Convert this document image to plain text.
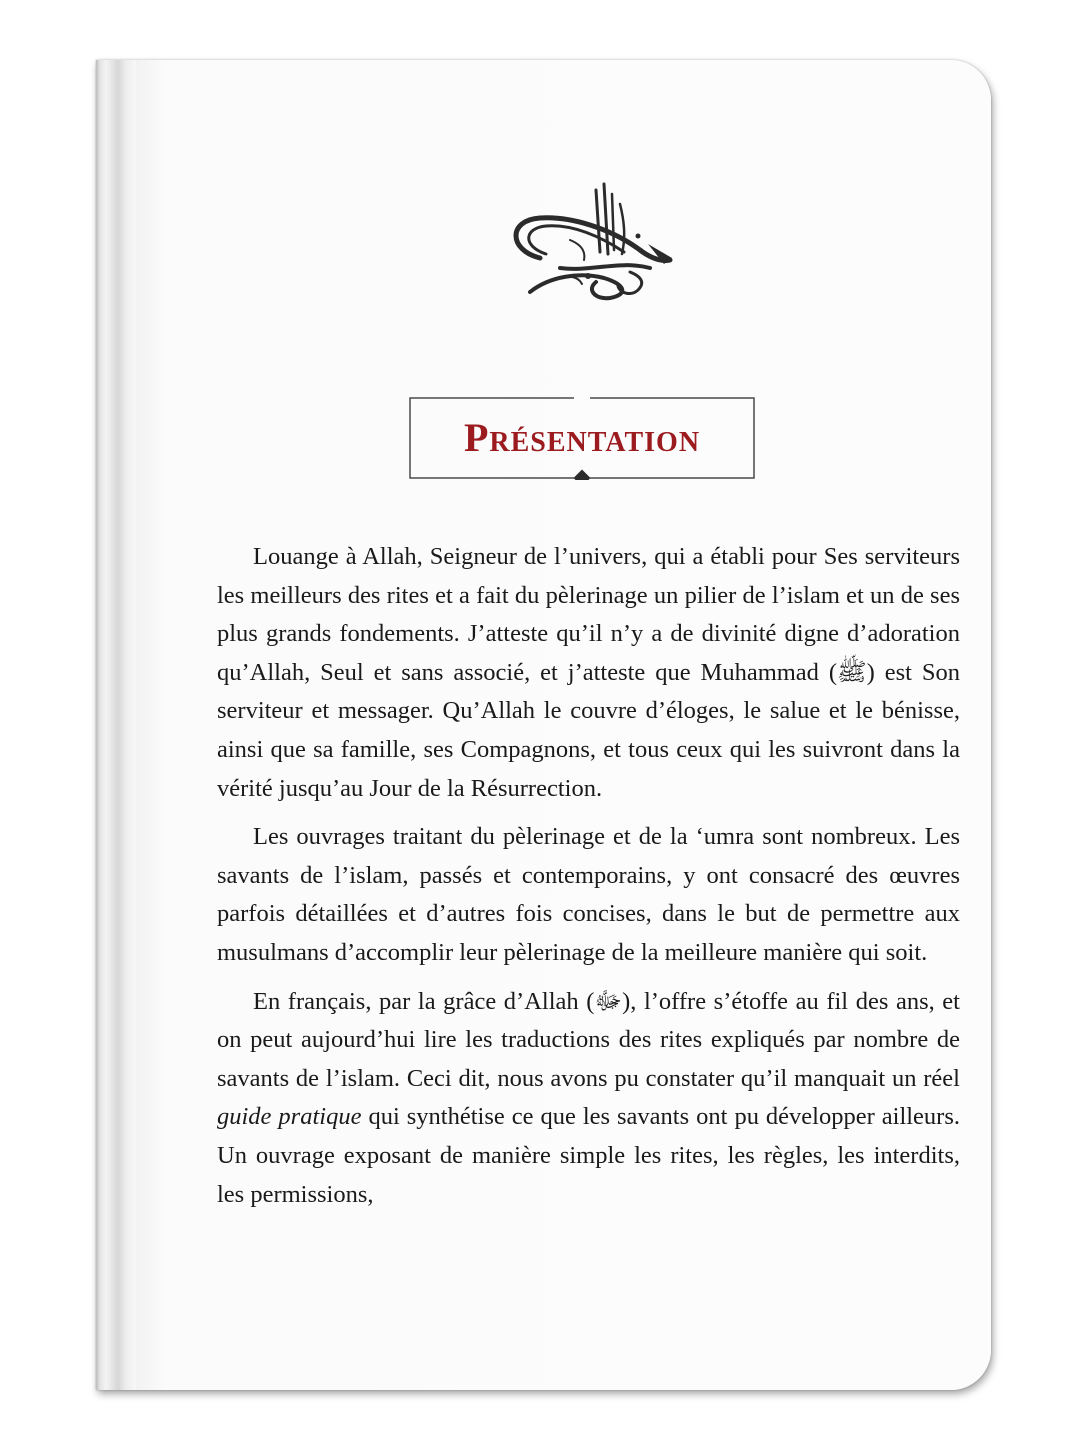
Présentation

Louange à Allah, Seigneur de l’univers, qui a établi pour Ses serviteurs les meilleurs des rites et a fait du pèlerinage un pilier de l’islam et un de ses plus grands fondements. J’atteste qu’il n’y a de divinité digne d’adoration qu’Allah, Seul et sans associé, et j’atteste que Muhammad (ﷺ) est Son serviteur et messager. Qu’Allah le couvre d’éloges, le salue et le bénisse, ainsi que sa famille, ses Compagnons, et tous ceux qui les suivront dans la vérité jusqu’au Jour de la Résurrection.

Les ouvrages traitant du pèlerinage et de la ‘umra sont nombreux. Les savants de l’islam, passés et contemporains, y ont consacré des œuvres parfois détaillées et d’autres fois concises, dans le but de permettre aux musulmans d’accomplir leur pèlerinage de la meilleure manière qui soit.

En français, par la grâce d’Allah (ﷻ), l’offre s’étoffe au fil des ans, et on peut aujourd’hui lire les traductions des rites expliqués par nombre de savants de l’islam. Ceci dit, nous avons pu constater qu’il manquait un réel guide pratique qui synthétise ce que les savants ont pu développer ailleurs. Un ouvrage exposant de manière simple les rites, les règles, les interdits, les permissions,
